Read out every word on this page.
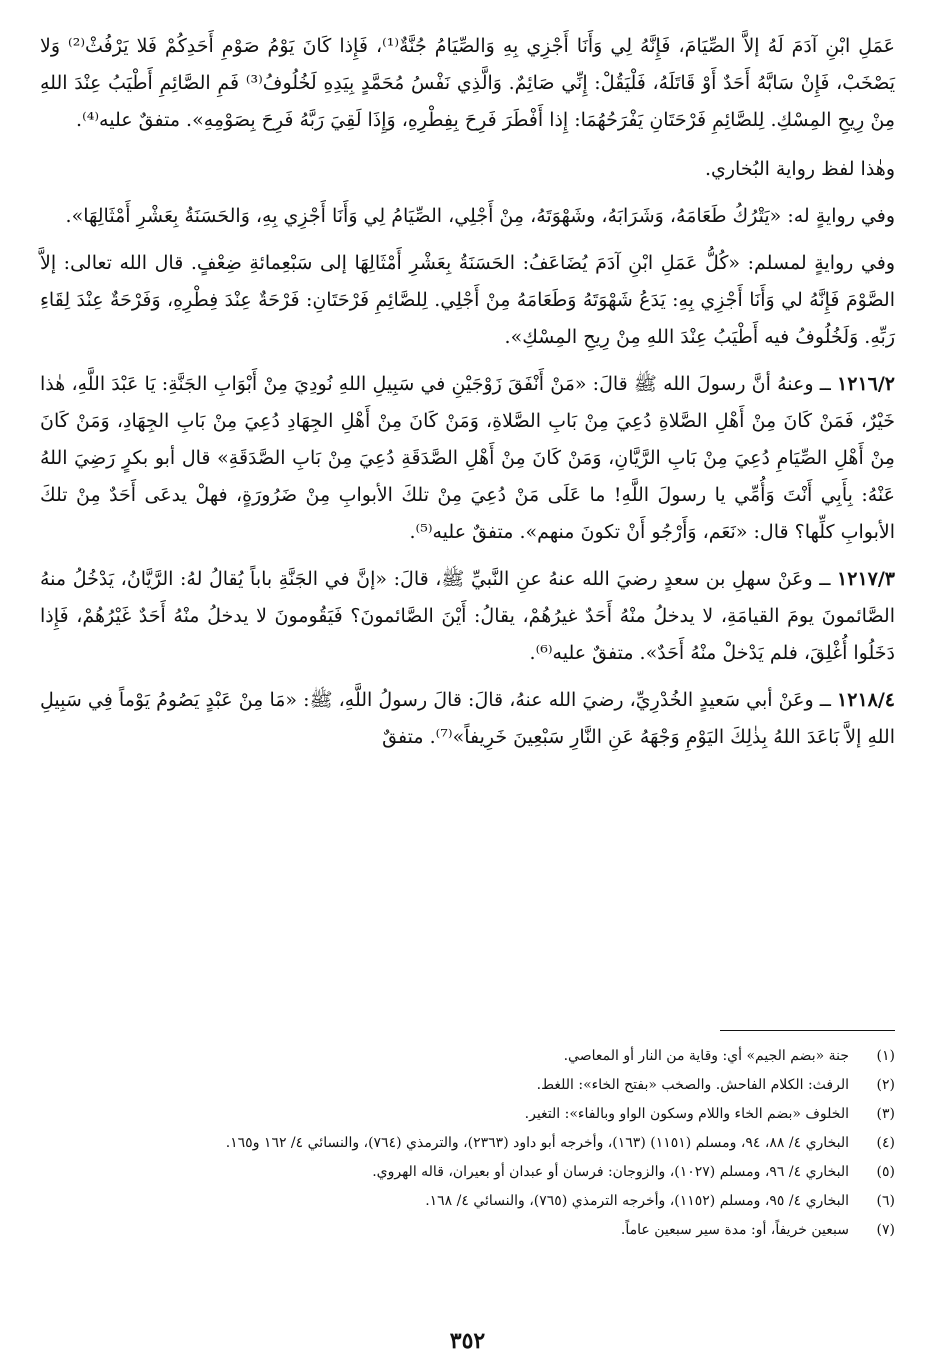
عَمَلِ ابْنِ آدَمَ لَهُ إلاَّ الصِّيَامَ، فَإِنَّهُ لِي وَأَنَا أَجْزِي بِهِ وَالصِّيَامُ جُنَّةٌ⁽¹⁾، فَإِذا كَانَ يَوْمُ صَوْمِ أَحَدِكُمْ فَلا يَرْفُثْ⁽²⁾ وَلا يَصْخَبْ، فَإِنْ سَابَّهُ أَحَدٌ أَوْ قَاتَلَهُ، فَلْيَقُلْ: إِنِّي صَائِمٌ. وَالَّذِي نَفْسُ مُحَمَّدٍ بِيَدِهِ لَخُلُوفُ⁽³⁾ فَمِ الصَّائِمِ أَطْيَبُ عِنْدَ اللهِ مِنْ رِيحِ المِسْكِ. لِلصَّائِمِ فَرْحَتَانِ يَفْرَحُهُمَا: إِذا أَفْطَرَ فَرِحَ بِفِطْرِهِ، وَإِذَا لَقِيَ رَبَّهُ فَرِحَ بِصَوْمِهِ». متفقٌ عليه⁽⁴⁾.

وهٰذا لفظ رواية البُخاري.

وفي روايةٍ له: «يَتْرُكُ طَعَامَهُ، وَشَرَابَهُ، وشَهْوَتَهُ، مِنْ أَجْلِي، الصِّيَامُ لِي وَأَنَا أَجْزِي بِهِ، وَالحَسَنَةُ بِعَشْرِ أَمْثَالِهَا».

وفي روايةٍ لمسلم: «كُلُّ عَمَلِ ابْنِ آدَمَ يُضَاعَفُ: الحَسَنَةُ بِعَشْرِ أَمْثَالِهَا إلى سَبْعِمائةِ ضِعْفٍ. قال الله تعالى: إلاَّ الصَّوْمَ فَإِنَّهُ لي وَأَنَا أَجْزِي بِهِ: يَدَعُ شَهْوَتَهُ وَطَعَامَهُ مِنْ أَجْلِي. لِلصَّائِمِ فَرْحَتَانِ: فَرْحَةٌ عِنْدَ فِطْرِهِ، وَفَرْحَةٌ عِنْدَ لِقَاءِ رَبِّهِ. وَلَخُلُوفُ فيه أَطْيَبُ عِنْدَ اللهِ مِنْ رِيحِ المِسْكِ».

١٢١٦/٢ ــ وعنهُ أنَّ رسولَ الله ﷺ قالَ: «مَنْ أَنْفَقَ زَوْجَيْنِ في سَبِيلِ اللهِ نُودِيَ مِنْ أَبْوَابِ الجَنَّةِ: يَا عَبْدَ اللَّهِ، هٰذا خَيْرٌ، فَمَنْ كَانَ مِنْ أَهْلِ الصَّلاةِ دُعِيَ مِنْ بَابِ الصَّلاةِ، وَمَنْ كَانَ مِنْ أَهْلِ الجِهَادِ دُعِيَ مِنْ بَابِ الجِهَادِ، وَمَنْ كَانَ مِنْ أَهْلِ الصِّيَامِ دُعِيَ مِنْ بَابِ الرَّيَّانِ، وَمَنْ كَانَ مِنْ أَهْلِ الصَّدَقَةِ دُعِيَ مِنْ بَابِ الصَّدَقَةِ» قال أبو بكرٍ رَضِيَ اللهُ عَنْهُ: بِأَبِي أَنْتَ وَأُمِّي يا رسولَ اللَّهِ! ما عَلَى مَنْ دُعِيَ مِنْ تلكَ الأبوابِ مِنْ ضَرُورَةٍ، فهلْ يدعَى أَحَدٌ مِنْ تلكَ الأبوابِ كلِّها؟ قال: «نَعَم، وَأَرْجُو أَنْ تكونَ منهم». متفقٌ عليه⁽⁵⁾.

١٢١٧/٣ ــ وعَنْ سهلِ بن سعدٍ رضيَ الله عنهُ عنِ النَّبيِّ ﷺ، قالَ: «إنَّ في الجَنَّةِ باباً يُقالُ لهُ: الرَّيَّانُ، يَدْخُلُ منهُ الصَّائمونَ يومَ القيامَةِ، لا يدخلُ منْهُ أَحَدٌ غيرُهُمْ، يقالُ: أَيْنَ الصَّائمونَ؟ فَيَقُومونَ لا يدخلُ منْهُ أَحَدٌ غَيْرُهُمْ، فَإِذا دَخَلُوا أُغْلِقَ، فلم يَدْخلْ منْهُ أَحَدٌ». متفقٌ عليه⁽⁶⁾.

١٢١٨/٤ ــ وعَنْ أبي سَعيدٍ الخُدْرِيِّ، رضيَ الله عنهُ، قالَ: قالَ رسولُ اللَّهِ، ﷺ: «مَا مِنْ عَبْدٍ يَصُومُ يَوْماً فِي سَبِيلِ اللهِ إلاَّ بَاعَدَ اللهُ بِذٰلِكَ اليَوْمِ وَجْهَهُ عَنِ النَّارِ سَبْعِينَ خَرِيفاً»⁽⁷⁾. متفقٌ

(١)
جنة «بضم الجيم» أي: وقاية من النار أو المعاصي.
(٢)
الرفث: الكلام الفاحش. والصخب «بفتح الخاء»: اللغط.
(٣)
الخلوف «بضم الخاء واللام وسكون الواو وبالفاء»: التغير.
(٤)
البخاري ٤/ ٨٨، ٩٤، ومسلم (١١٥١) (١٦٣)، وأخرجه أبو داود (٢٣٦٣)، والترمذي (٧٦٤)، والنسائي ٤/ ١٦٢ و١٦٥.
(٥)
البخاري ٤/ ٩٦، ومسلم (١٠٢٧)، والزوجان: فرسان أو عبدان أو بعيران، قاله الهروي.
(٦)
البخاري ٤/ ٩٥، ومسلم (١١٥٢)، وأخرجه الترمذي (٧٦٥)، والنسائي ٤/ ١٦٨.
(٧)
سبعين خريفاً، أو: مدة سير سبعين عاماً.
٣٥٢
